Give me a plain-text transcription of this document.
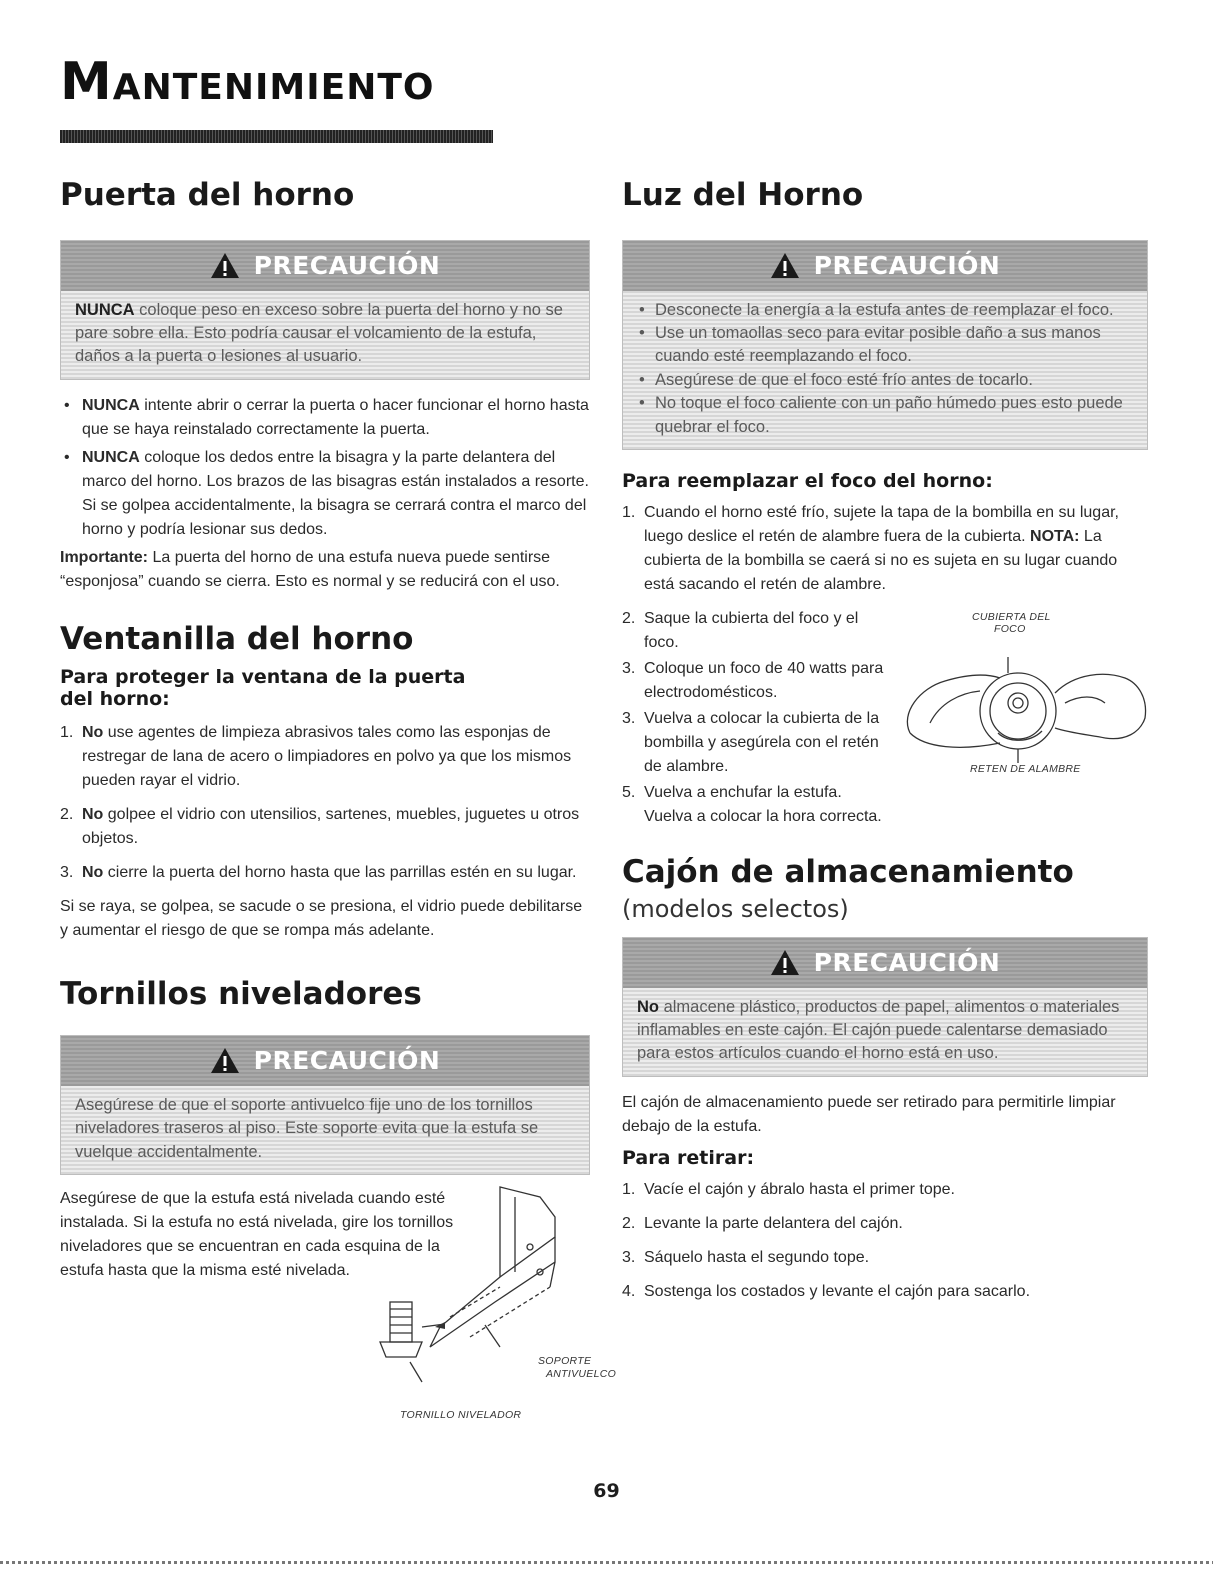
Mantenimiento
Puerta del horno
PRECAUCIÓN
NUNCA coloque peso en exceso sobre la puerta del horno y no se pare sobre ella. Esto podría causar el volcamiento de la estufa, daños a la puerta o lesiones al usuario.
• NUNCA intente abrir o cerrar la puerta o hacer funcionar el horno hasta que se haya reinstalado correctamente la puerta.
• NUNCA coloque los dedos entre la bisagra y la parte delantera del marco del horno. Los brazos de las bisagras están instalados a resorte. Si se golpea accidentalmente, la bisagra se cerrará contra el marco del horno y podría lesionar sus dedos.

Importante: La puerta del horno de una estufa nueva puede sentirse “esponjosa” cuando se cierra. Esto es normal y se reducirá con el uso.

Ventanilla del horno
Para proteger la ventana de la puerta del horno:
1. No use agentes de limpieza abrasivos tales como las esponjas de restregar de lana de acero o limpiadores en polvo ya que los mismos pueden rayar el vidrio.
2. No golpee el vidrio con utensilios, sartenes, muebles, juguetes u otros objetos.
3. No cierre la puerta del horno hasta que las parrillas estén en su lugar.

Si se raya, se golpea, se sacude o se presiona, el vidrio puede debilitarse y aumentar el riesgo de que se rompa más adelante.

Tornillos niveladores
PRECAUCIÓN
Asegúrese de que el soporte antivuelco fije uno de los tornillos niveladores traseros al piso. Este soporte evita que la estufa se vuelque accidentalmente.

Asegúrese de que la estufa está nivelada cuando esté instalada. Si la estufa no está nivelada, gire los tornillos niveladores que se encuentran en cada esquina de la estufa hasta que la misma esté nivelada.

SOPORTE
ANTIVUELCO
TORNILLO NIVELADOR
Luz del Horno
PRECAUCIÓN
• Desconecte la energía a la estufa antes de reemplazar el foco.
• Use un tomaollas seco para evitar posible daño a sus manos cuando esté reemplazando el foco.
• Asegúrese de que el foco esté frío antes de tocarlo.
• No toque el foco caliente con un paño húmedo pues esto puede quebrar el foco.
Para reemplazar el foco del horno:
1. Cuando el horno esté frío, sujete la tapa de la bombilla en su lugar, luego deslice el retén de alambre fuera de la cubierta. NOTA: La cubierta de la bombilla se caerá si no es sujeta en su lugar cuando está sacando el retén de alambre.
2. Saque la cubierta del foco y el foco.
3. Coloque un foco de 40 watts para electrodomésticos.
3. Vuelva a colocar la cubierta de la bombilla y asegúrela con el retén de alambre.
5. Vuelva a enchufar la estufa. Vuelva a colocar la hora correcta.
CUBIERTA DEL
FOCO
RETEN DE ALAMBRE
Cajón de almacenamiento

(modelos selectos)

PRECAUCIÓN
No almacene plástico, productos de papel, alimentos o materiales inflamables en este cajón. El cajón puede calentarse demasiado para estos artículos cuando el horno está en uso.

El cajón de almacenamiento puede ser retirado para permitirle limpiar debajo de la estufa.

Para retirar:
1. Vacíe el cajón y ábralo hasta el primer tope.
2. Levante la parte delantera del cajón.
3. Sáquelo hasta el segundo tope.
4. Sostenga los costados y levante el cajón para sacarlo.
69
